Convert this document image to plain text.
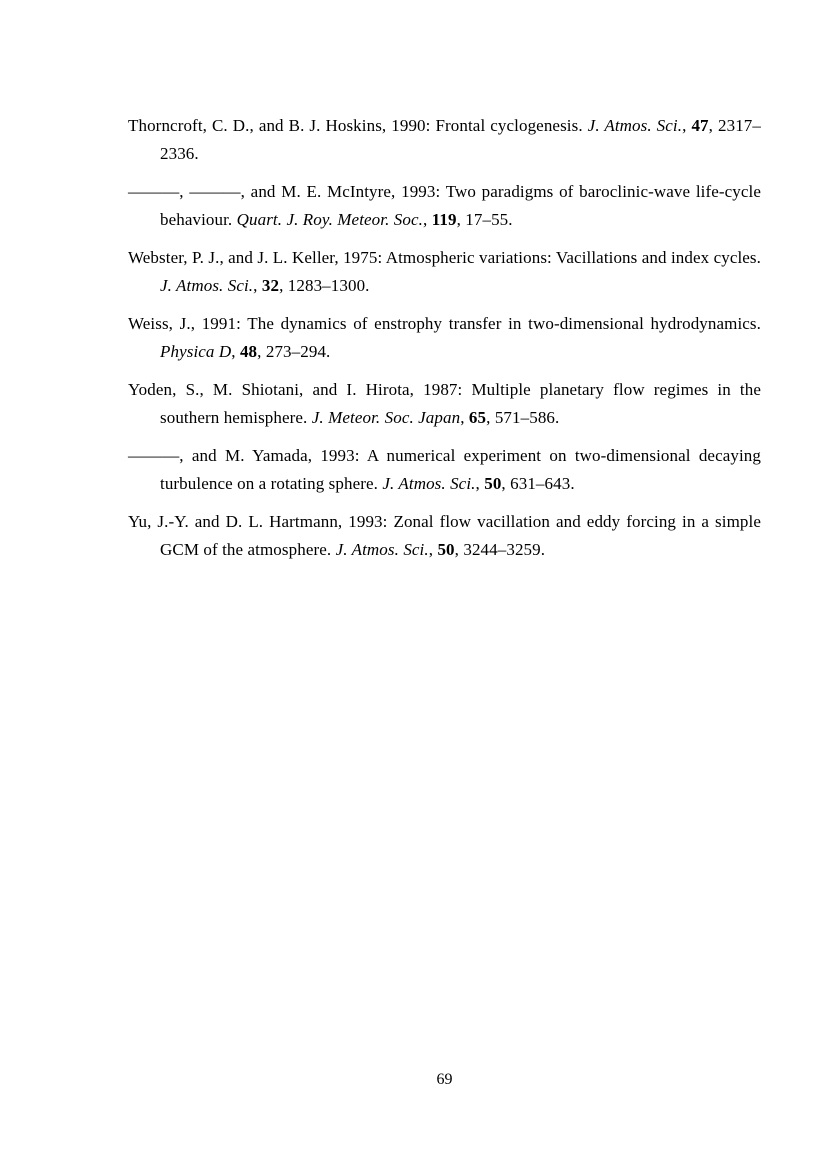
Thorncroft, C. D., and B. J. Hoskins, 1990: Frontal cyclogenesis. J. Atmos. Sci., 47, 2317–2336.

———, ———, and M. E. McIntyre, 1993: Two paradigms of baroclinic-wave life-cycle behaviour. Quart. J. Roy. Meteor. Soc., 119, 17–55.

Webster, P. J., and J. L. Keller, 1975: Atmospheric variations: Vacillations and index cycles. J. Atmos. Sci., 32, 1283–1300.

Weiss, J., 1991: The dynamics of enstrophy transfer in two-dimensional hydrodynamics. Physica D, 48, 273–294.

Yoden, S., M. Shiotani, and I. Hirota, 1987: Multiple planetary flow regimes in the southern hemisphere. J. Meteor. Soc. Japan, 65, 571–586.

———, and M. Yamada, 1993: A numerical experiment on two-dimensional decaying turbulence on a rotating sphere. J. Atmos. Sci., 50, 631–643.

Yu, J.-Y. and D. L. Hartmann, 1993: Zonal flow vacillation and eddy forcing in a simple GCM of the atmosphere. J. Atmos. Sci., 50, 3244–3259.

69
